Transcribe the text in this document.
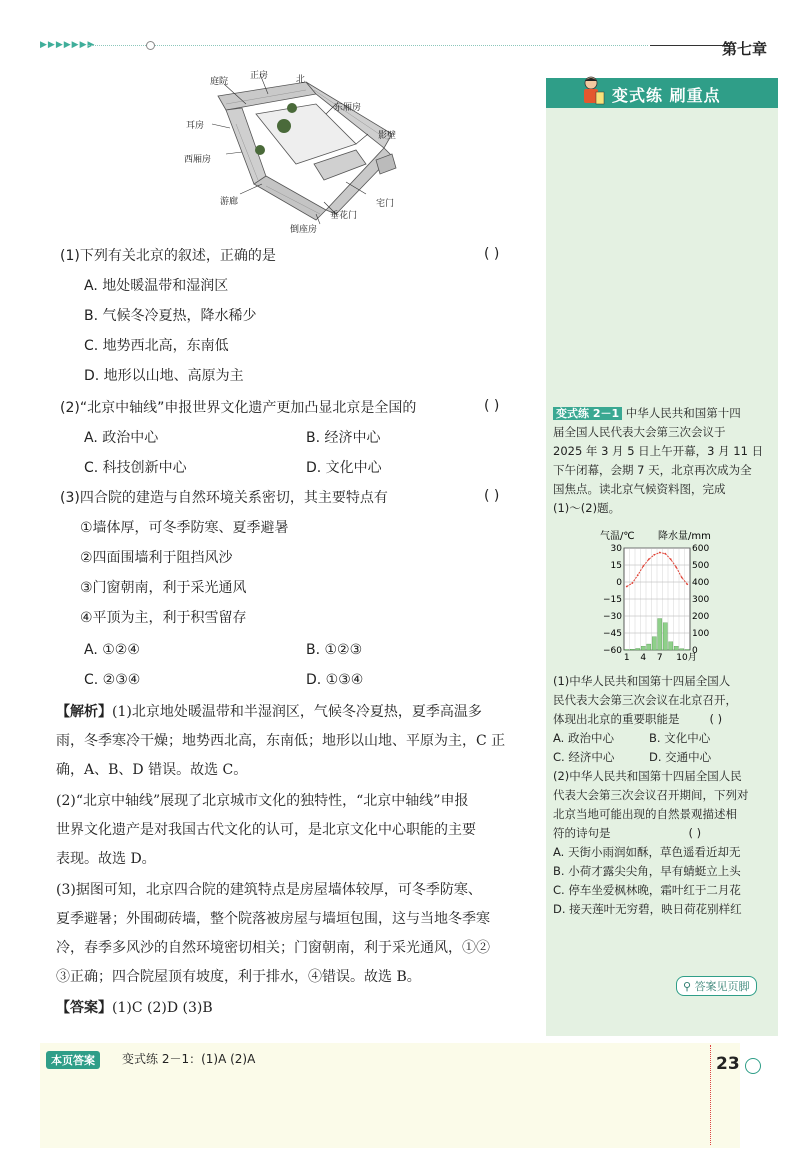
▶▶▶▶▶▶▶	第七章
庭院
正房	北
耳房
东厢房
西厢房
影壁
游廊	宅门
垂花门
倒座房
(1)下列有关北京的叙述，正确的是	( )
A. 地处暖温带和湿润区
B. 气候冬冷夏热，降水稀少
C. 地势西北高，东南低
D. 地形以山地、高原为主
(2)“北京中轴线”申报世界文化遗产更加凸显北京是全国的	( )
A. 政治中心	B. 经济中心
C. 科技创新中心	D. 文化中心
(3)四合院的建造与自然环境关系密切，其主要特点有	( )
①墙体厚，可冬季防寒、夏季避暑
②四面围墙利于阻挡风沙
③门窗朝南，利于采光通风
④平顶为主，利于积雪留存
A. ①②④	B. ①②③
C. ②③④	D. ①③④
【解析】(1)北京地处暖温带和半湿润区，气候冬冷夏热，夏季高温多
雨，冬季寒冷干燥；地势西北高，东南低；地形以山地、平原为主，C 正
确，A、B、D 错误。故选 C。
(2)“北京中轴线”展现了北京城市文化的独特性，“北京中轴线”申报
世界文化遗产是对我国古代文化的认可，是北京文化中心职能的主要
表现。故选 D。
(3)据图可知，北京四合院的建筑特点是房屋墙体较厚，可冬季防寒、
夏季避暑；外围砌砖墙，整个院落被房屋与墙垣包围，这与当地冬季寒
冷，春季多风沙的自然环境密切相关；门窗朝南，利于采光通风，①②
③正确；四合院屋顶有坡度，利于排水，④错误。故选 B。
【答案】(1)C (2)D (3)B
变式练 刷重点
变式练 2－1 中华人民共和国第十四
届全国人民代表大会第三次会议于
2025 年 3 月 5 日上午开幕，3 月 11 日
下午闭幕，会期 7 天，北京再次成为全
国焦点。读北京气候资料图，完成
(1)～(2)题。
气温/℃ 降水量/mm
30	600
15	500
0	400
−15	300
−30	200
−45	100
−60	0
1 4 7 10月
(1)中华人民共和国第十四届全国人
民代表大会第三次会议在北京召开，
体现出北京的重要职能是	( )
A. 政治中心	B. 文化中心
C. 经济中心	D. 交通中心
(2)中华人民共和国第十四届全国人民
代表大会第三次会议召开期间，下列对
北京当地可能出现的自然景观描述相
符的诗句是	( )
A. 天街小雨润如酥，草色遥看近却无
B. 小荷才露尖尖角，早有蜻蜓立上头
C. 停车坐爱枫林晚，霜叶红于二月花
D. 接天莲叶无穷碧，映日荷花别样红
⚲ 答案见页脚
本页答案	变式练 2－1：(1)A (2)A	23
